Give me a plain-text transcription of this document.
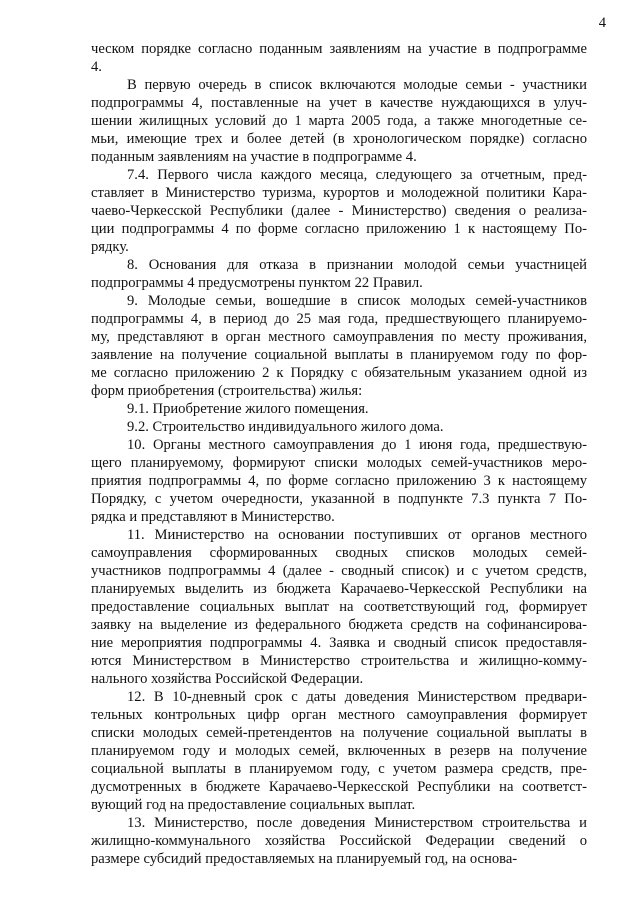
4
ческом порядке согласно поданным заявлениям на участие в подпрограмме
4.
В первую очередь в список включаются молодые семьи - участники
подпрограммы 4, поставленные на учет в качестве нуждающихся в улуч-
шении жилищных условий до 1 марта 2005 года, а также многодетные се-
мьи, имеющие трех и более детей (в хронологическом порядке) согласно
поданным заявлениям на участие в подпрограмме 4.
7.4. Первого числа каждого месяца, следующего за отчетным, пред-
ставляет в Министерство туризма, курортов и молодежной политики Кара-
чаево-Черкесской Республики (далее - Министерство) сведения о реализа-
ции подпрограммы 4 по форме согласно приложению 1 к настоящему По-
рядку.
8. Основания для отказа в признании молодой семьи участницей
подпрограммы 4 предусмотрены пунктом 22 Правил.
9. Молодые семьи, вошедшие в список молодых семей-участников
подпрограммы 4, в период до 25 мая года, предшествующего планируемо-
му, представляют в орган местного самоуправления по месту проживания,
заявление на получение социальной выплаты в планируемом году по фор-
ме согласно приложению 2 к Порядку с обязательным указанием одной из
форм приобретения (строительства) жилья:
9.1. Приобретение жилого помещения.
9.2. Строительство индивидуального жилого дома.
10. Органы местного самоуправления до 1 июня года, предшествую-
щего планируемому, формируют списки молодых семей-участников меро-
приятия подпрограммы 4, по форме согласно приложению 3 к настоящему
Порядку, с учетом очередности, указанной в подпункте 7.3 пункта 7 По-
рядка и представляют в Министерство.
11. Министерство на основании поступивших от органов местного
самоуправления сформированных сводных списков молодых семей-
участников подпрограммы 4 (далее - сводный список) и с учетом средств,
планируемых выделить из бюджета Карачаево-Черкесской Республики на
предоставление социальных выплат на соответствующий год, формирует
заявку на выделение из федерального бюджета средств на софинансирова-
ние мероприятия подпрограммы 4. Заявка и сводный список предоставля-
ются Министерством в Министерство строительства и жилищно-комму-
нального хозяйства Российской Федерации.
12. В 10-дневный срок с даты доведения Министерством предвари-
тельных контрольных цифр орган местного самоуправления формирует
списки молодых семей-претендентов на получение социальной выплаты в
планируемом году и молодых семей, включенных в резерв на получение
социальной выплаты в планируемом году, с учетом размера средств, пре-
дусмотренных в бюджете Карачаево-Черкесской Республики на соответст-
вующий год на предоставление социальных выплат.
13. Министерство, после доведения Министерством строительства и
жилищно-коммунального хозяйства Российской Федерации сведений о
размере субсидий предоставляемых на планируемый год, на основа-
